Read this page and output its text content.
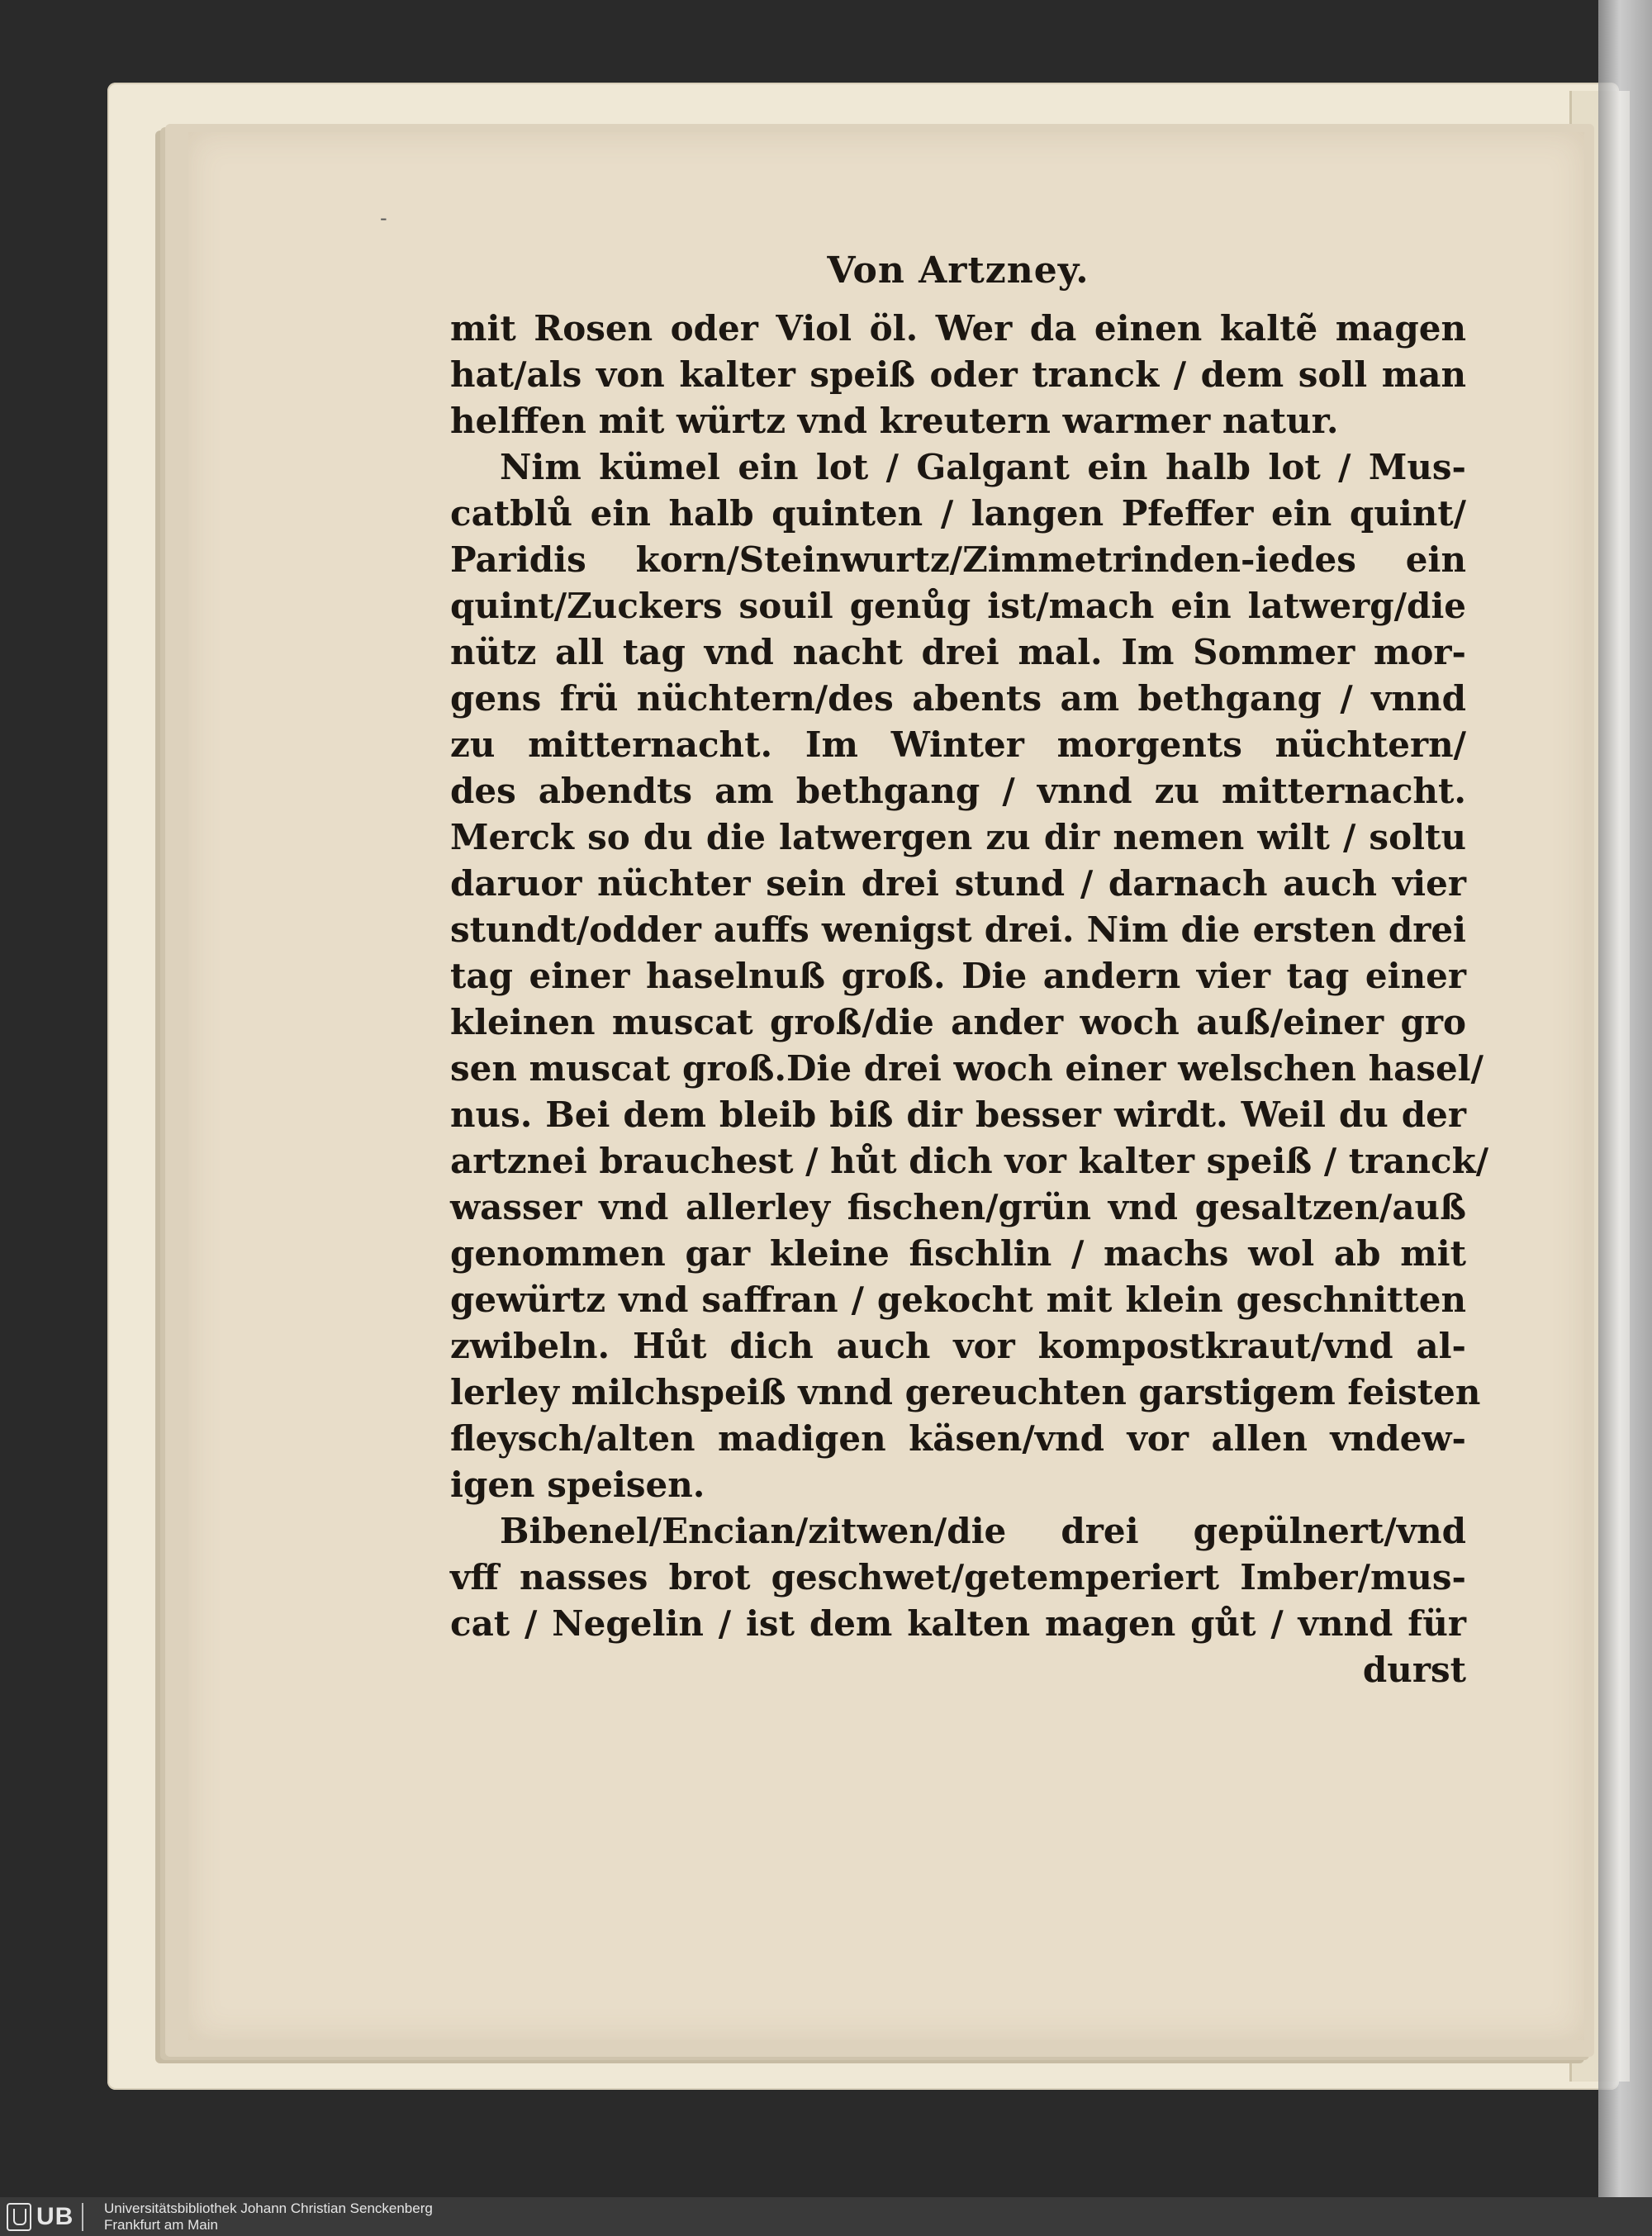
‐
Von Artzney.
mit Rosen oder Viol öl. Wer da einen kaltẽ magen
hat/als von kalter speiß oder tranck / dem soll man
helffen mit würtz vnd kreutern warmer natur.
Nim kümel ein lot / Galgant ein halb lot / Mus-
catblů ein halb quinten / langen Pfeffer ein quint/
Paridis korn/Steinwurtz/Zimmetrinden-iedes ein
quint/Zuckers souil genůg ist/mach ein latwerg/die
nütz all tag vnd nacht drei mal. Im Sommer mor-
gens frü nüchtern/des abents am bethgang / vnnd
zu mitternacht. Im Winter morgents nüchtern/
des abendts am bethgang / vnnd zu mitternacht.
Merck so du die latwergen zu dir nemen wilt / soltu
daruor nüchter sein drei stund / darnach auch vier
stundt/odder auffs wenigst drei. Nim die ersten drei
tag einer haselnuß groß. Die andern vier tag einer
kleinen muscat groß/die ander woch auß/einer gro
sen muscat groß.Die drei woch einer welschen hasel/
nus. Bei dem bleib biß dir besser wirdt. Weil du der
artznei brauchest / hůt dich vor kalter speiß / tranck/
wasser vnd allerley fischen/grün vnd gesaltzen/auß
genommen gar kleine fischlin / machs wol ab mit
gewürtz vnd saffran / gekocht mit klein geschnitten
zwibeln. Hůt dich auch vor kompostkraut/vnd al-
lerley milchspeiß vnnd gereuchten garstigem feisten
fleysch/alten madigen käsen/vnd vor allen vndew-
igen speisen.
Bibenel/Encian/zitwen/die drei gepülnert/vnd
vff nasses brot geschwet/getemperiert Imber/mus-
cat / Negelin / ist dem kalten magen gůt / vnnd für
durst
UB	Universitätsbibliothek Johann Christian Senckenberg
Frankfurt am Main
